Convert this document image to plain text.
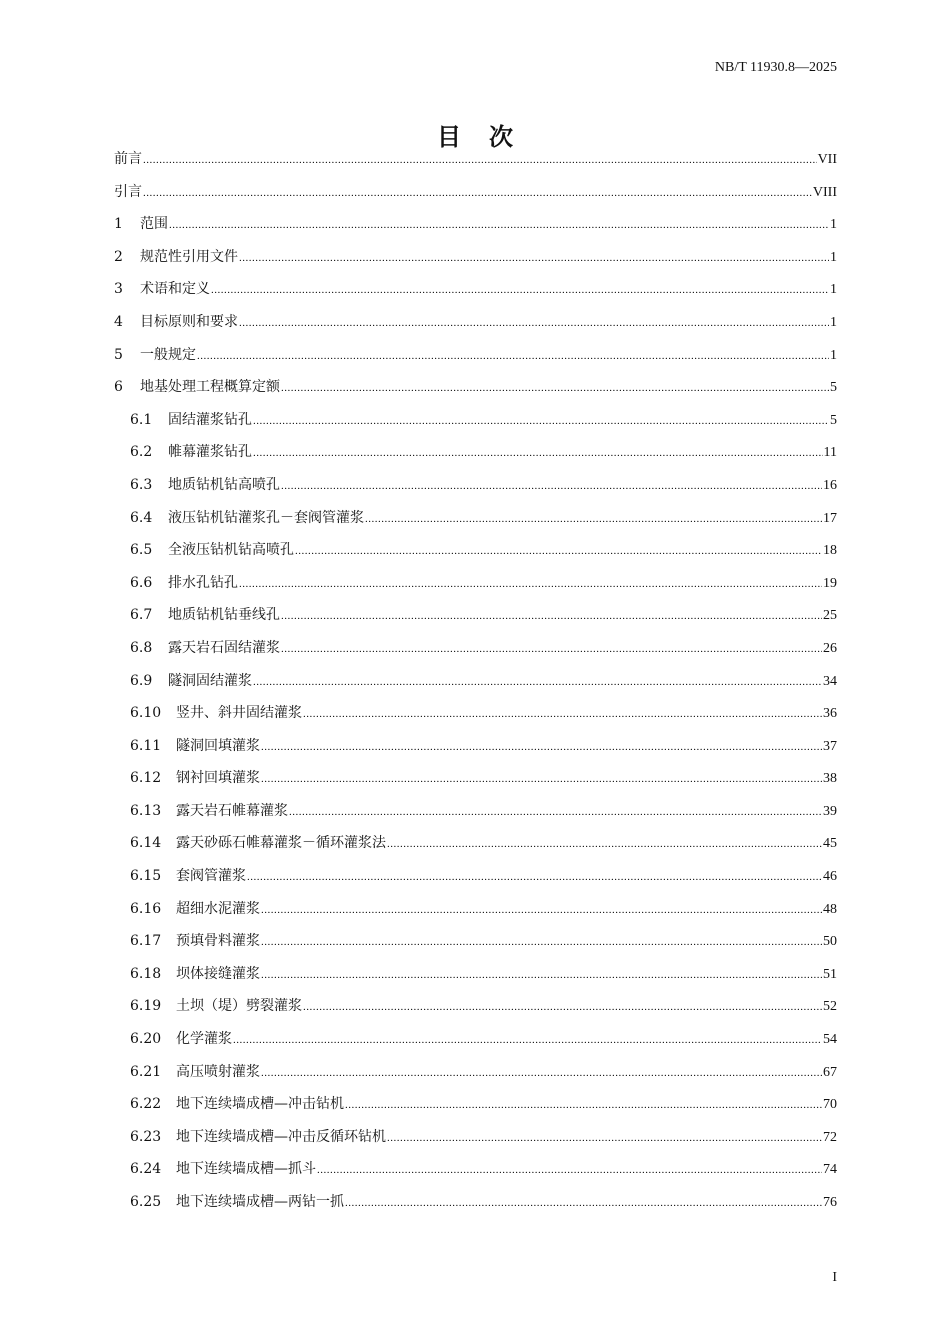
NB/T 11930.8—2025
目次
前言 .....	VII
引言 .....	VIII
1	范围 .....	1
2	规范性引用文件 .....	1
3	术语和定义 .....	1
4	目标原则和要求 .....	1
5	一般规定 .....	1
6	地基处理工程概算定额 .....	5
6.1	固结灌浆钻孔 .....	5
6.2	帷幕灌浆钻孔 .....	11
6.3	地质钻机钻高喷孔 .....	16
6.4	液压钻机钻灌浆孔－套阀管灌浆 .....	17
6.5	全液压钻机钻高喷孔 .....	18
6.6	排水孔钻孔 .....	19
6.7	地质钻机钻垂线孔 .....	25
6.8	露天岩石固结灌浆 .....	26
6.9	隧洞固结灌浆 .....	34
6.10	竖井、斜井固结灌浆 .....	36
6.11	隧洞回填灌浆 .....	37
6.12	钢衬回填灌浆 .....	38
6.13	露天岩石帷幕灌浆 .....	39
6.14	露天砂砾石帷幕灌浆－循环灌浆法 .....	45
6.15	套阀管灌浆 .....	46
6.16	超细水泥灌浆 .....	48
6.17	预填骨料灌浆 .....	50
6.18	坝体接缝灌浆 .....	51
6.19	土坝（堤）劈裂灌浆 .....	52
6.20	化学灌浆 .....	54
6.21	高压喷射灌浆 .....	67
6.22	地下连续墙成槽—冲击钻机 .....	70
6.23	地下连续墙成槽—冲击反循环钻机 .....	72
6.24	地下连续墙成槽—抓斗 .....	74
6.25	地下连续墙成槽—两钻一抓 .....	76
I
